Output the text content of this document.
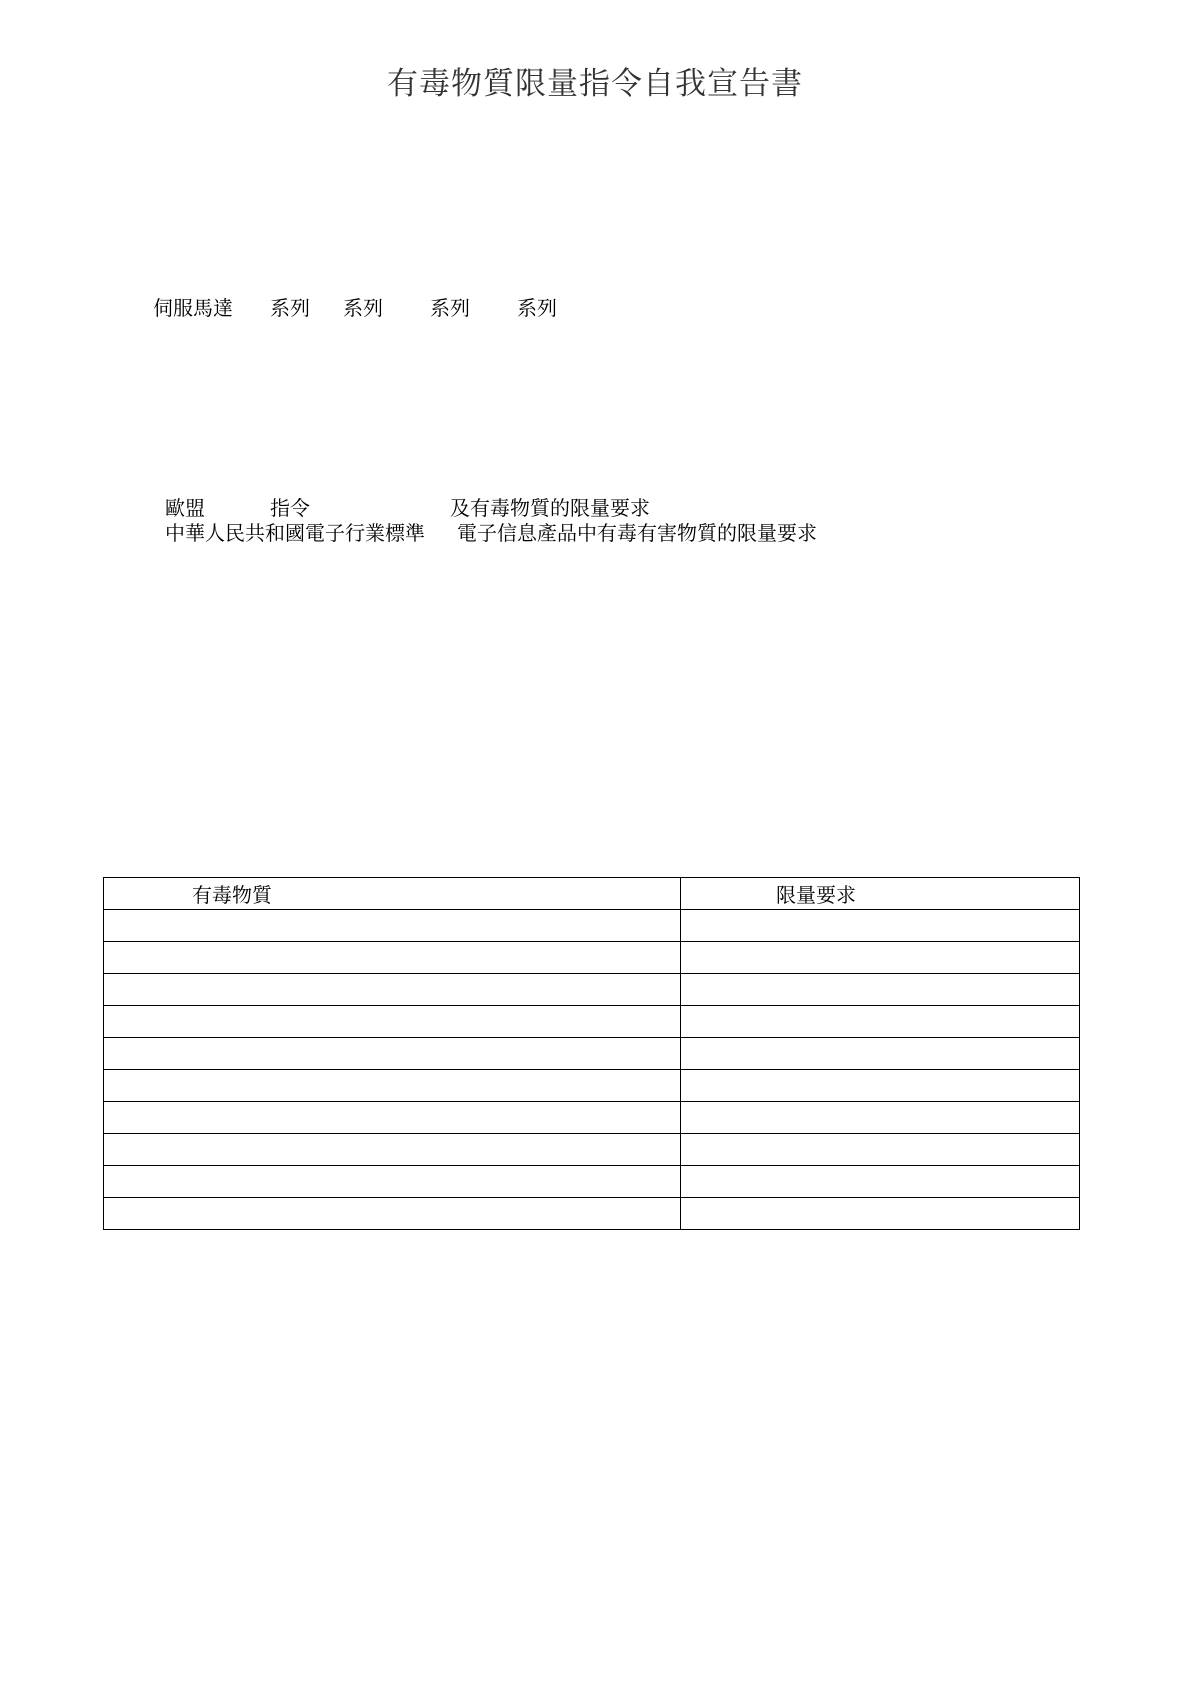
有毒物質限量指令自我宣告書
伺服馬達 系列 系列 系列 系列
歐盟	指令	及有毒物質的限量要求
中華人民共和國電子行業標準 電子信息產品中有毒有害物質的限量要求
有毒物質	限量要求
